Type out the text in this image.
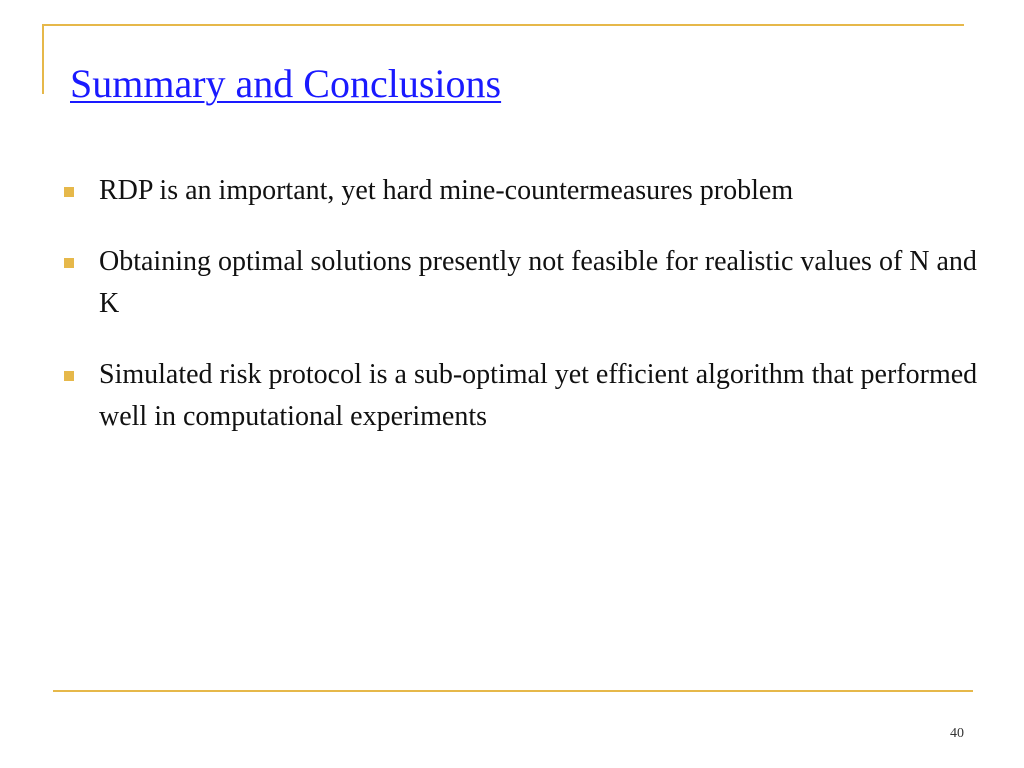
Summary and Conclusions
RDP is an important, yet hard mine-countermeasures problem
Obtaining optimal solutions presently not feasible for realistic values of N and K
Simulated risk protocol is a sub-optimal yet efficient algorithm that performed well in computational experiments
40
